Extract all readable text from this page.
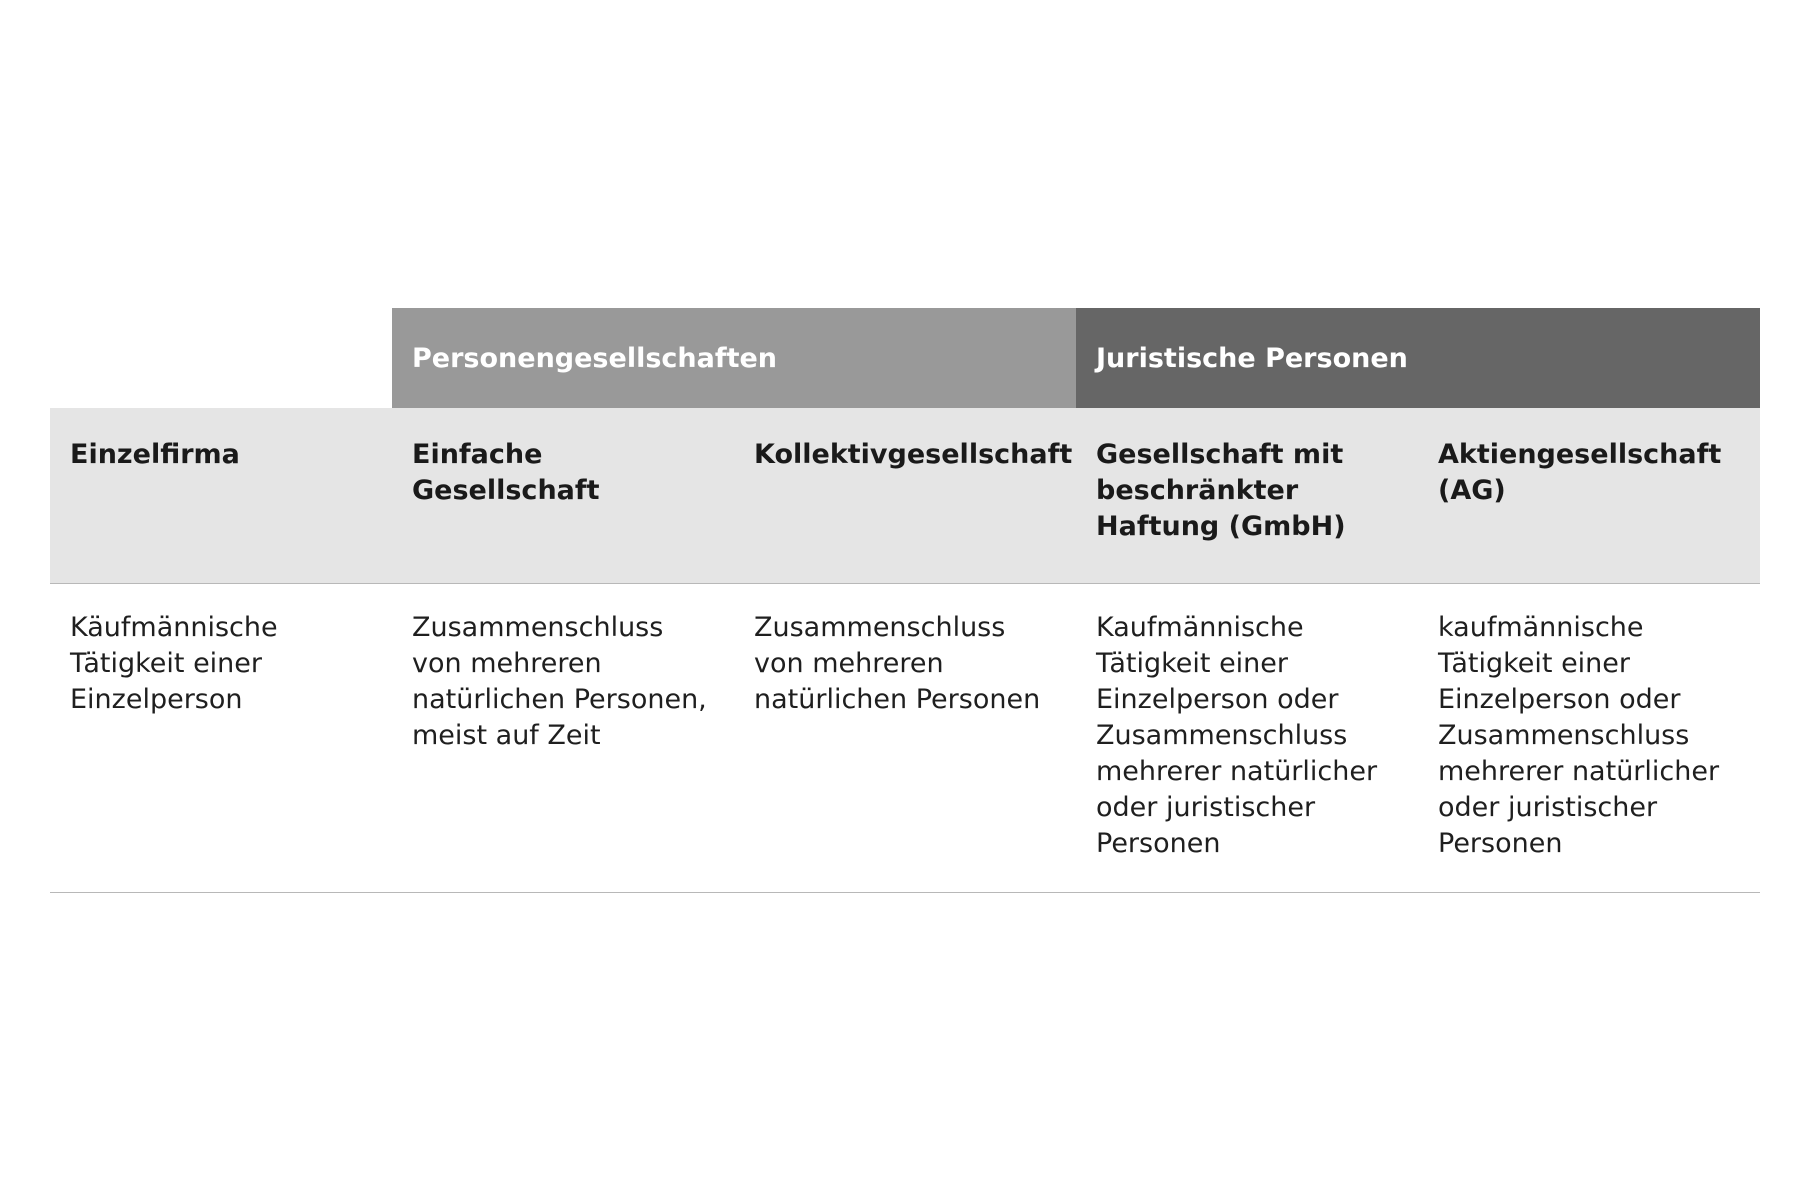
Personengesellschaften	Juristische Personen
Einzelfirma	Einfache Gesellschaft
Kollektivgesellschaft Gesellschaft mit
beschränkter
Haftung (GmbH)
Aktiengesellschaft
(AG)
Käufmännische
Tätigkeit einer
Einzelperson
Zusammenschluss
von mehreren
natürlichen Personen,
meist auf Zeit
Zusammenschluss
von mehreren
natürlichen Personen
Kaufmännische
Tätigkeit einer
Einzelperson oder
Zusammenschluss
mehrerer natürlicher
oder juristischer
Personen
kaufmännische
Tätigkeit einer
Einzelperson oder
Zusammenschluss
mehrerer natürlicher
oder juristischer
Personen
